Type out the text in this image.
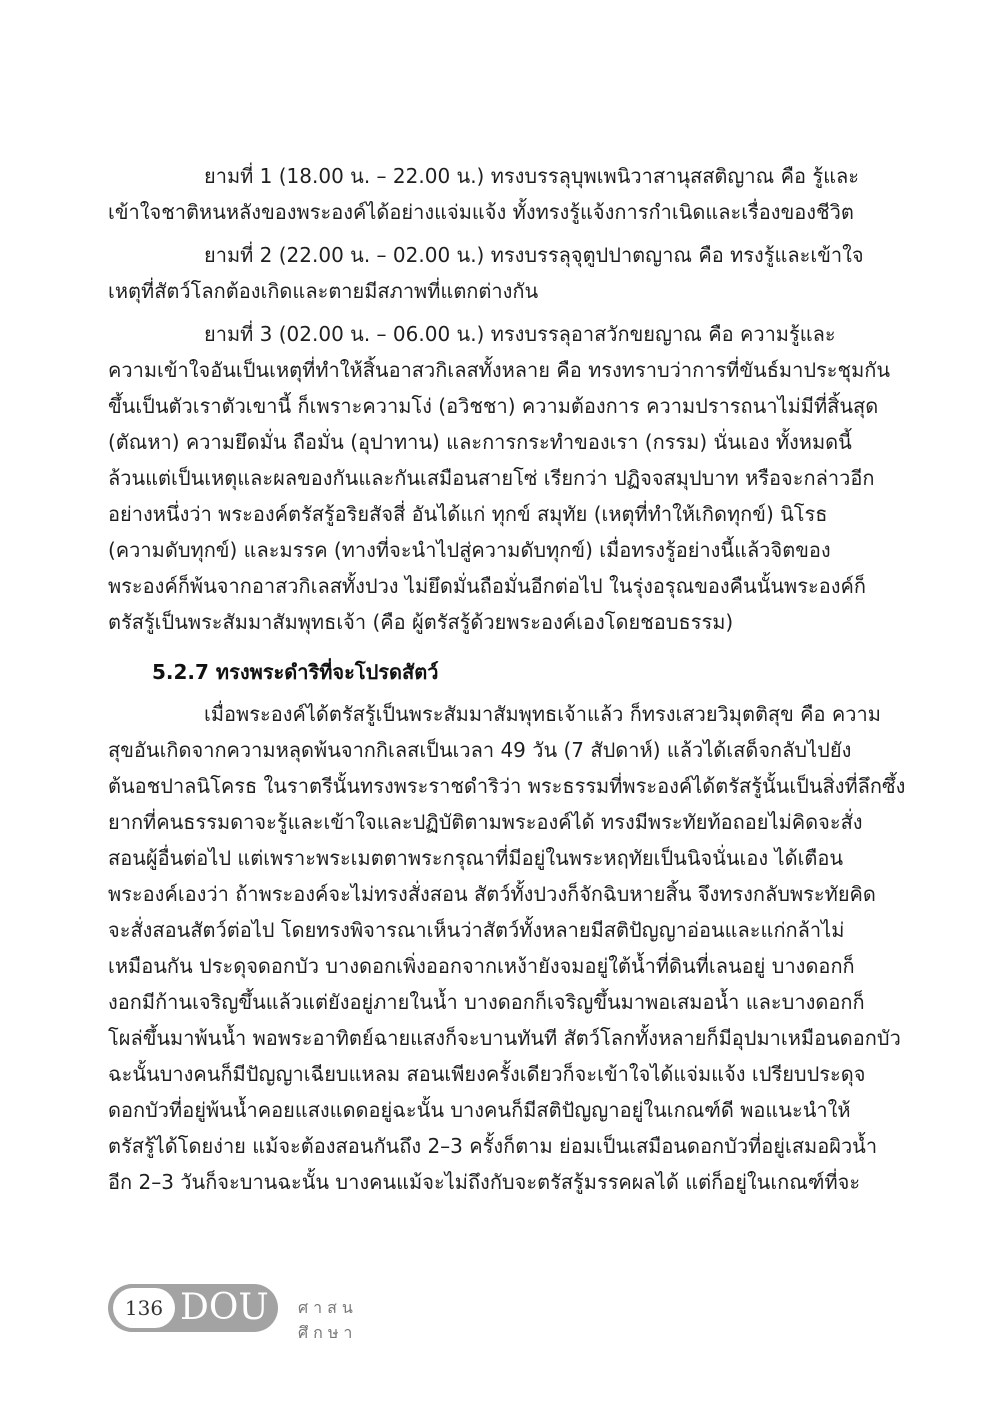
ยามที่ 1 (18.00 น. – 22.00 น.) ทรงบรรลุบุพเพนิวาสานุสสติญาณ คือ รู้และ
เข้าใจชาติหนหลังของพระองค์ได้อย่างแจ่มแจ้ง ทั้งทรงรู้แจ้งการกำเนิดและเรื่องของชีวิต
ยามที่ 2 (22.00 น. – 02.00 น.) ทรงบรรลุจุตูปปาตญาณ คือ ทรงรู้และเข้าใจ
เหตุที่สัตว์โลกต้องเกิดและตายมีสภาพที่แตกต่างกัน
ยามที่ 3 (02.00 น. – 06.00 น.) ทรงบรรลุอาสวักขยญาณ คือ ความรู้และ
ความเข้าใจอันเป็นเหตุที่ทำให้สิ้นอาสวกิเลสทั้งหลาย คือ ทรงทราบว่าการที่ขันธ์มาประชุมกัน
ขึ้นเป็นตัวเราตัวเขานี้ ก็เพราะความโง่ (อวิชชา) ความต้องการ ความปรารถนาไม่มีที่สิ้นสุด
(ตัณหา) ความยึดมั่น ถือมั่น (อุปาทาน) และการกระทำของเรา (กรรม) นั่นเอง ทั้งหมดนี้
ล้วนแต่เป็นเหตุและผลของกันและกันเสมือนสายโซ่ เรียกว่า ปฏิจจสมุปบาท หรือจะกล่าวอีก
อย่างหนึ่งว่า พระองค์ตรัสรู้อริยสัจสี่ อันได้แก่ ทุกข์ สมุทัย (เหตุที่ทำให้เกิดทุกข์) นิโรธ
(ความดับทุกข์) และมรรค (ทางที่จะนำไปสู่ความดับทุกข์) เมื่อทรงรู้อย่างนี้แล้วจิตของ
พระองค์ก็พ้นจากอาสวกิเลสทั้งปวง ไม่ยึดมั่นถือมั่นอีกต่อไป ในรุ่งอรุณของคืนนั้นพระองค์ก็
ตรัสรู้เป็นพระสัมมาสัมพุทธเจ้า (คือ ผู้ตรัสรู้ด้วยพระองค์เองโดยชอบธรรม)
5.2.7 ทรงพระดำริที่จะโปรดสัตว์
เมื่อพระองค์ได้ตรัสรู้เป็นพระสัมมาสัมพุทธเจ้าแล้ว ก็ทรงเสวยวิมุตติสุข คือ ความ
สุขอันเกิดจากความหลุดพ้นจากกิเลสเป็นเวลา 49 วัน (7 สัปดาห์) แล้วได้เสด็จกลับไปยัง
ต้นอชปาลนิโครธ ในราตรีนั้นทรงพระราชดำริว่า พระธรรมที่พระองค์ได้ตรัสรู้นั้นเป็นสิ่งที่ลึกซึ้ง
ยากที่คนธรรมดาจะรู้และเข้าใจและปฏิบัติตามพระองค์ได้ ทรงมีพระทัยท้อถอยไม่คิดจะสั่ง
สอนผู้อื่นต่อไป แต่เพราะพระเมตตาพระกรุณาที่มีอยู่ในพระหฤทัยเป็นนิจนั่นเอง ได้เตือน
พระองค์เองว่า ถ้าพระองค์จะไม่ทรงสั่งสอน สัตว์ทั้งปวงก็จักฉิบหายสิ้น จึงทรงกลับพระทัยคิด
จะสั่งสอนสัตว์ต่อไป โดยทรงพิจารณาเห็นว่าสัตว์ทั้งหลายมีสติปัญญาอ่อนและแก่กล้าไม่
เหมือนกัน ประดุจดอกบัว บางดอกเพิ่งออกจากเหง้ายังจมอยู่ใต้น้ำที่ดินที่เลนอยู่ บางดอกก็
งอกมีก้านเจริญขึ้นแล้วแต่ยังอยู่ภายในน้ำ บางดอกก็เจริญขึ้นมาพอเสมอน้ำ และบางดอกก็
โผล่ขึ้นมาพ้นน้ำ พอพระอาทิตย์ฉายแสงก็จะบานทันที สัตว์โลกทั้งหลายก็มีอุปมาเหมือนดอกบัว
ฉะนั้นบางคนก็มีปัญญาเฉียบแหลม สอนเพียงครั้งเดียวก็จะเข้าใจได้แจ่มแจ้ง เปรียบประดุจ
ดอกบัวที่อยู่พ้นน้ำคอยแสงแดดอยู่ฉะนั้น บางคนก็มีสติปัญญาอยู่ในเกณฑ์ดี พอแนะนำให้
ตรัสรู้ได้โดยง่าย แม้จะต้องสอนกันถึง 2–3 ครั้งก็ตาม ย่อมเป็นเสมือนดอกบัวที่อยู่เสมอผิวน้ำ
อีก 2–3 วันก็จะบานฉะนั้น บางคนแม้จะไม่ถึงกับจะตรัสรู้มรรคผลได้ แต่ก็อยู่ในเกณฑ์ที่จะ
136 DOU ศาสนศึกษา
